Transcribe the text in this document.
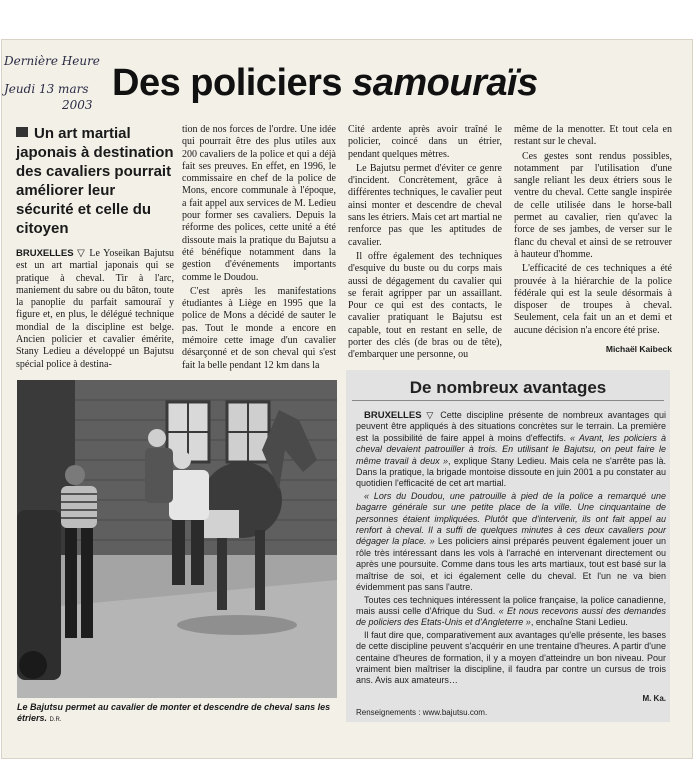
Dernière Heure
Jeudi 13 mars
2003
Des policiers samouraïs
Un art martial japonais à destination des cavaliers pourrait améliorer leur sécurité et celle du citoyen

BRUXELLES ▽ Le Yoseikan Bajutsu est un art martial japonais qui se pratique à cheval. Tir à l'arc, maniement du sabre ou du bâton, toute la panoplie du parfait samouraï y figure et, en plus, le délégué technique mondial de la discipline est belge. Ancien policier et cavalier émérite, Stany Ledieu a développé un Bajutsu spécial police à destina-

tion de nos forces de l'ordre. Une idée qui pourrait être des plus utiles aux 200 cavaliers de la police et qui a déjà fait ses preuves. En effet, en 1996, le commissaire en chef de la police de Mons, encore communale à l'époque, a fait appel aux services de M. Ledieu pour former ses cavaliers. Depuis la réforme des polices, cette unité a été dissoute mais la pratique du Bajutsu a été bénéfique notamment dans la gestion d'événements importants comme le Doudou.

C'est après les manifestations étudiantes à Liège en 1995 que la police de Mons a décidé de sauter le pas. Tout le monde a encore en mémoire cette image d'un cavalier désarçonné et de son cheval qui s'est fait la belle pendant 12 km dans la

Cité ardente après avoir traîné le policier, coincé dans un étrier, pendant quelques mètres.

Le Bajutsu permet d'éviter ce genre d'incident. Concrètement, grâce à différentes techniques, le cavalier peut ainsi monter et descendre de cheval sans les étriers. Mais cet art martial ne renforce pas que les aptitudes de cavalier.

Il offre également des techniques d'esquive du buste ou du corps mais aussi de dégagement du cavalier qui se ferait agripper par un assaillant. Pour ce qui est des contacts, le cavalier pratiquant le Bajutsu est capable, tout en restant en selle, de porter des clés (de bras ou de tête), d'embarquer une personne, ou

même de la menotter. Et tout cela en restant sur le cheval.

Ces gestes sont rendus possibles, notamment par l'utilisation d'une sangle reliant les deux étriers sous le ventre du cheval. Cette sangle inspirée de celle utilisée dans le horse-ball permet au cavalier, rien qu'avec la force de ses jambes, de verser sur le flanc du cheval et ainsi de se retrouver à hauteur d'homme.

L'efficacité de ces techniques a été prouvée à la hiérarchie de la police fédérale qui est la seule désormais à disposer de troupes à cheval. Seulement, cela fait un an et demi et aucune décision n'a encore été prise.

Michaël Kaibeck
Le Bajutsu permet au cavalier de monter et descendre de cheval sans les étriers. D.R.
De nombreux avantages

BRUXELLES ▽ Cette discipline présente de nombreux avantages qui peuvent être appliqués à des situations concrètes sur le terrain. La première est la possibilité de faire appel à moins d'effectifs. « Avant, les policiers à cheval devaient patrouiller à trois. En utilisant le Bajutsu, on peut faire le même travail à deux », explique Stany Ledieu. Mais cela ne s'arrête pas là. Dans la pratique, la brigade montoise dissoute en juin 2001 a pu constater au quotidien l'efficacité de cet art martial.

« Lors du Doudou, une patrouille à pied de la police a remarqué une bagarre générale sur une petite place de la ville. Une cinquantaine de personnes étaient impliquées. Plutôt que d'intervenir, ils ont fait appel au renfort à cheval. Il a suffi de quelques minutes à ces deux cavaliers pour dégager la place. » Les policiers ainsi préparés peuvent également jouer un rôle très intéressant dans les vols à l'arraché en intervenant directement ou après une poursuite. Comme dans tous les arts martiaux, tout est basé sur la maîtrise de soi, et ici également celle du cheval. Et l'un ne va bien évidemment pas sans l'autre.

Toutes ces techniques intéressent la police française, la police canadienne, mais aussi celle d'Afrique du Sud. « Et nous recevons aussi des demandes de policiers des Etats-Unis et d'Angleterre », enchaîne Stani Ledieu.

Il faut dire que, comparativement aux avantages qu'elle présente, les bases de cette discipline peuvent s'acquérir en une trentaine d'heures. A partir d'une centaine d'heures de formation, il y a moyen d'atteindre un bon niveau. Pour vraiment bien maîtriser la discipline, il faudra par contre un cursus de trois ans. Avis aux amateurs…

M. Ka.
Renseignements : www.bajutsu.com.
